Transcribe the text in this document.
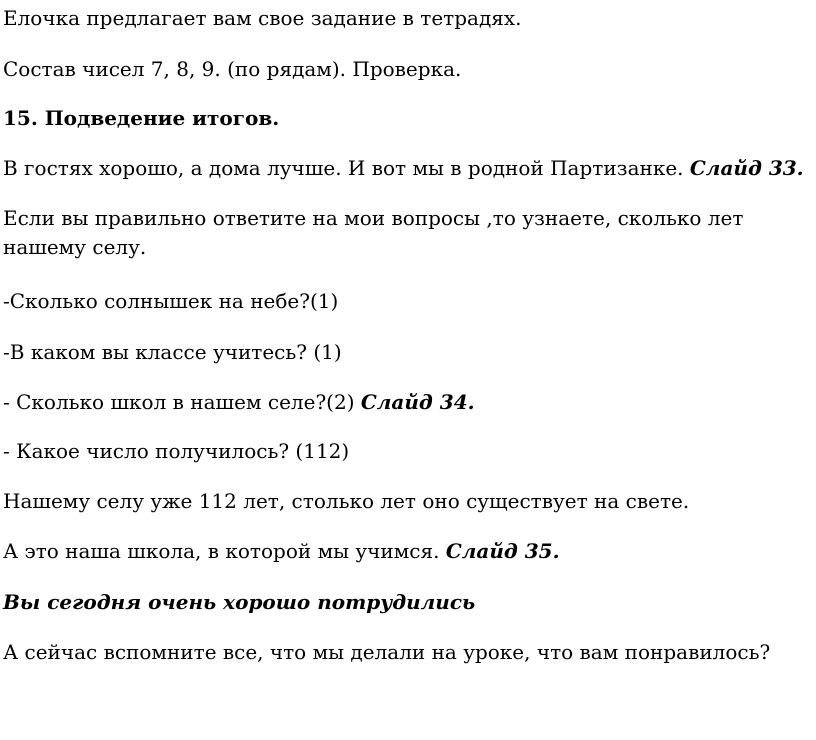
Елочка предлагает вам свое задание в тетрадях.
Состав чисел 7, 8, 9. (по рядам). Проверка.
15. Подведение итогов.
В гостях хорошо, а дома лучше. И вот мы в родной Партизанке. Слайд 33.
Если вы правильно ответите на мои вопросы ,то узнаете, сколько лет нашему селу.
-Сколько солнышек на небе?(1)
-В каком вы классе учитесь? (1)
- Сколько школ в нашем селе?(2) Слайд 34.
- Какое число получилось? (112)
Нашему селу уже 112 лет, столько лет оно существует на свете.
А это наша школа, в которой мы учимся. Слайд 35.
Вы сегодня очень хорошо потрудились
А сейчас вспомните все, что мы делали на уроке, что вам понравилось?
